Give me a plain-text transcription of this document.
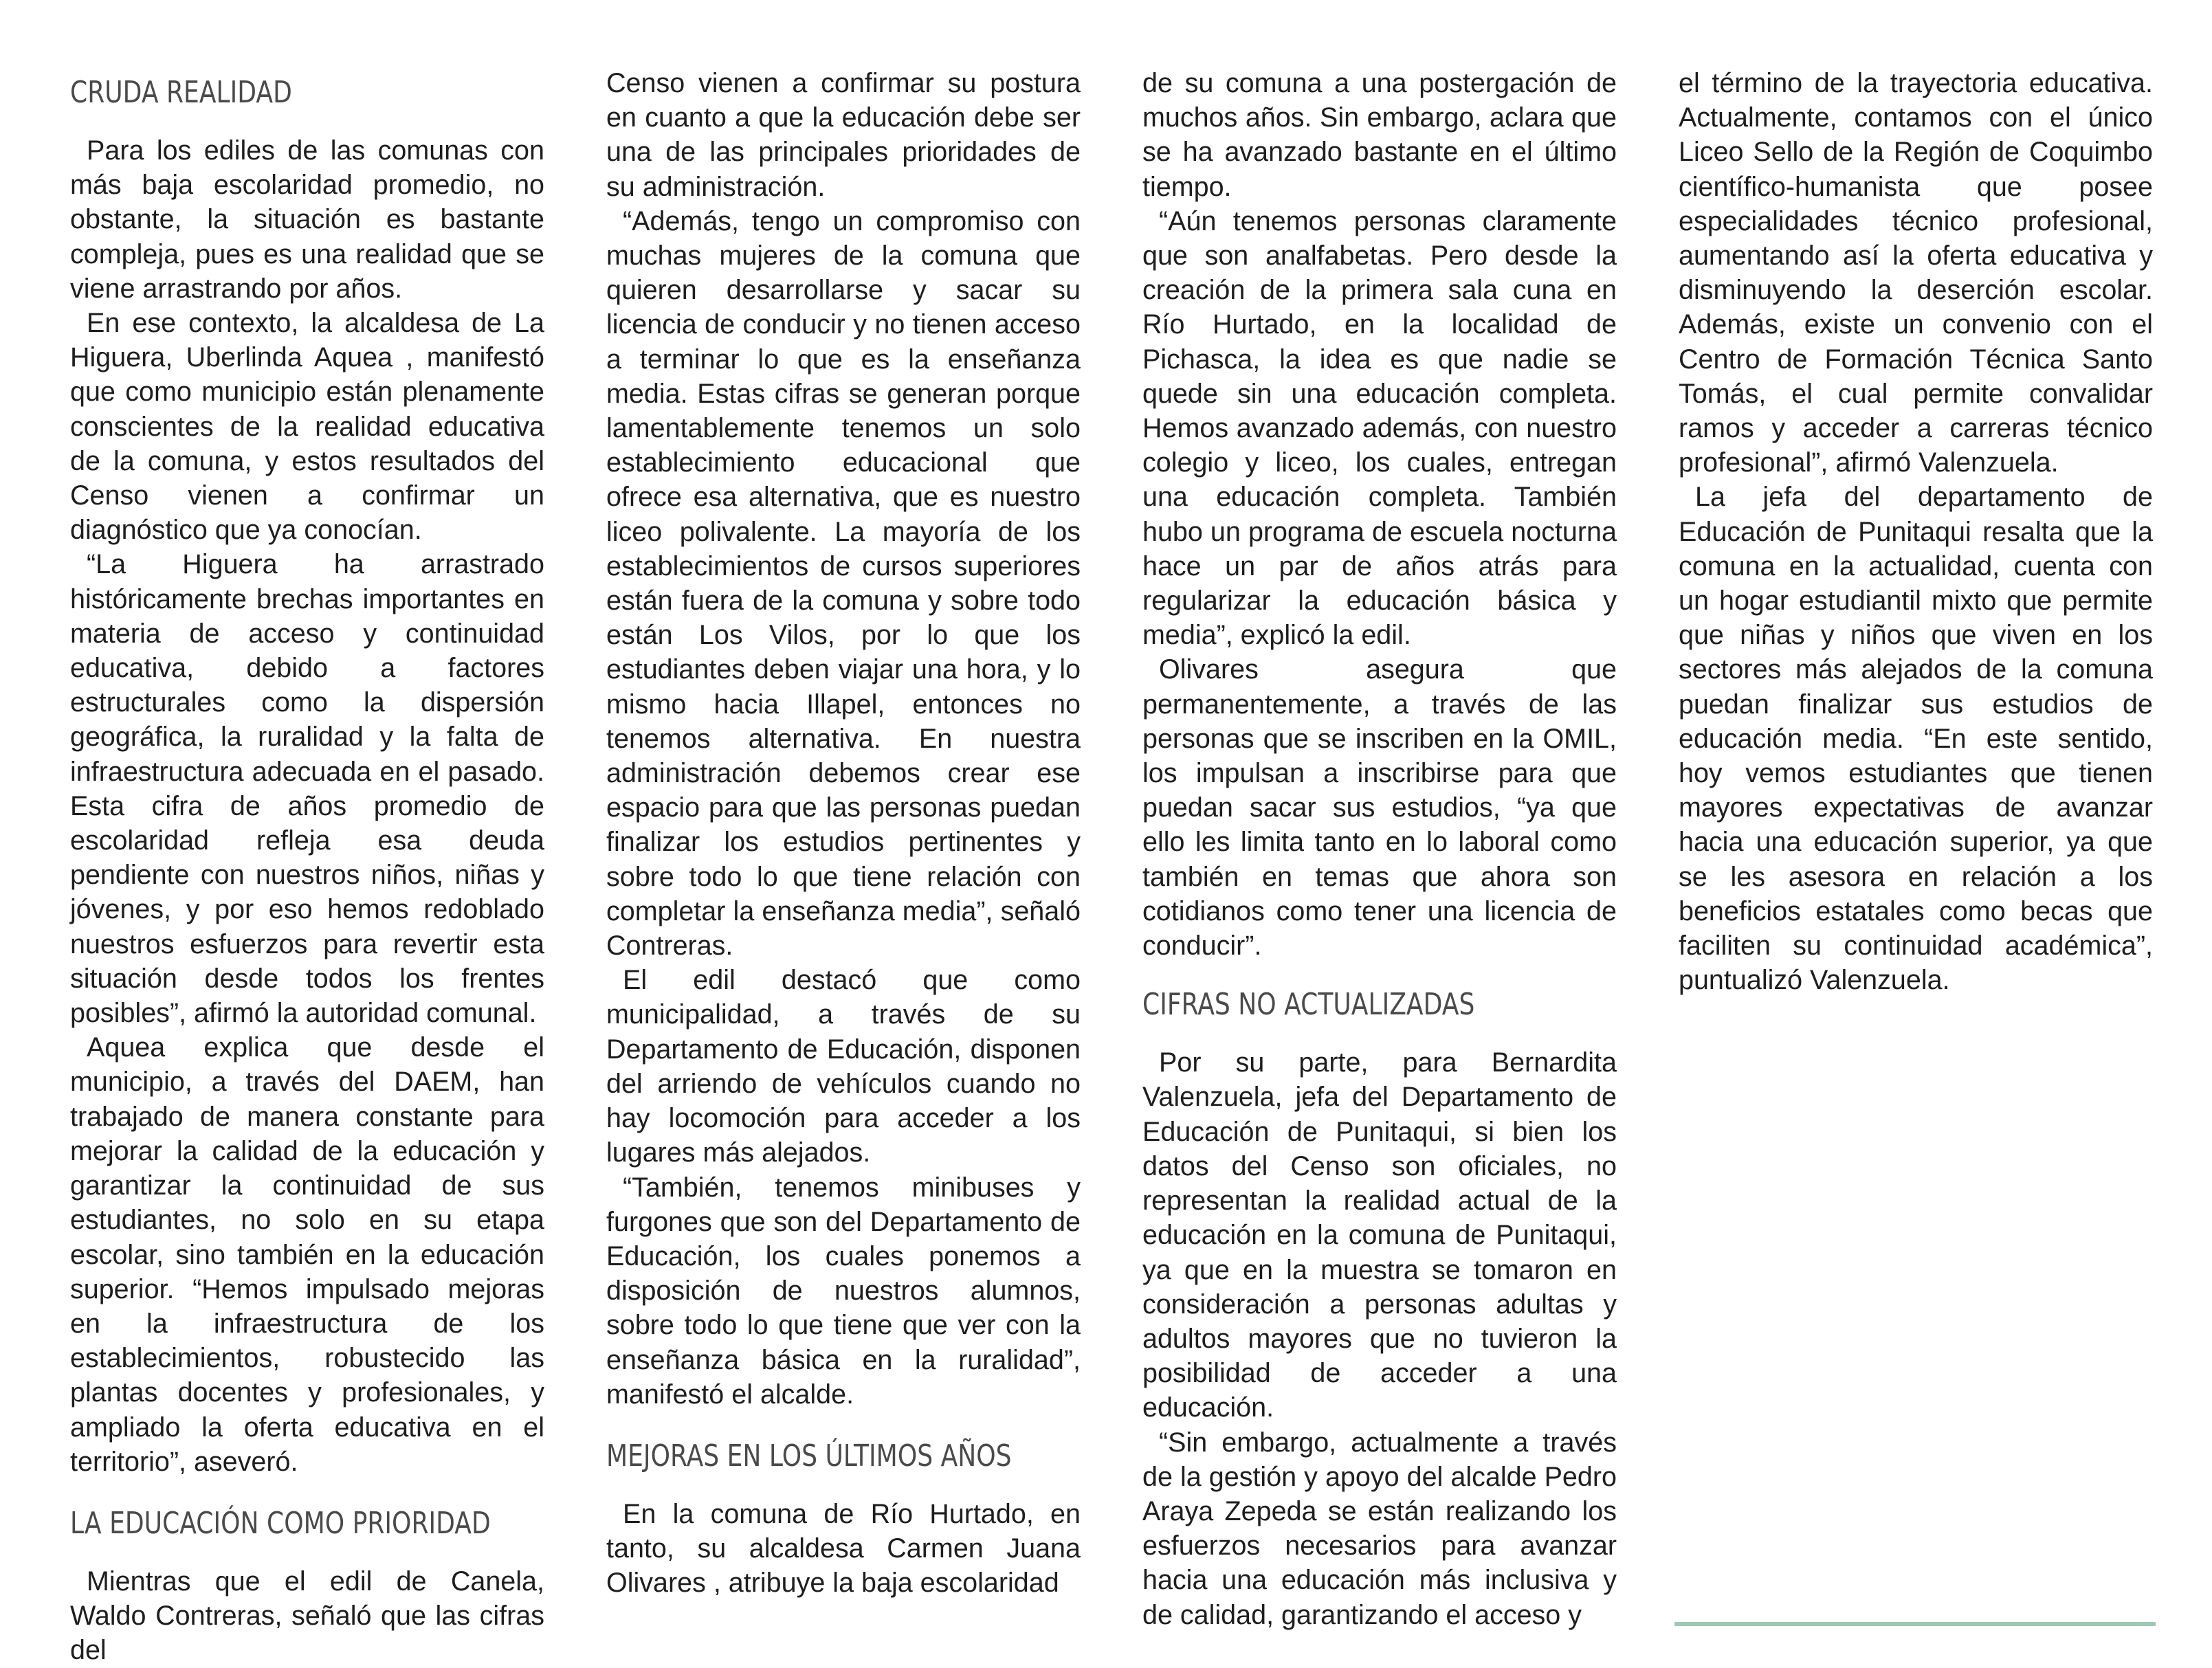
CRUDA REALIDAD

Para los ediles de las comunas con más baja escolaridad promedio, no obstante, la situación es bastante compleja, pues es una realidad que se viene arrastrando por años.

En ese contexto, la alcaldesa de La Higuera, Uberlinda Aquea , manifestó que como municipio están plenamente conscientes de la realidad educativa de la comuna, y estos resultados del Censo vienen a confirmar un diagnóstico que ya conocían.

“La Higuera ha arrastrado históricamente brechas importantes en materia de acceso y continuidad educativa, debido a factores estructurales como la dispersión geográfica, la ruralidad y la falta de infraestructura adecuada en el pasado. Esta cifra de años promedio de escolaridad refleja esa deuda pendiente con nuestros niños, niñas y jóvenes, y por eso hemos redoblado nuestros esfuerzos para revertir esta situación desde todos los frentes posibles”, afirmó la autoridad comunal.

Aquea explica que desde el municipio, a través del DAEM, han trabajado de manera constante para mejorar la calidad de la educación y garantizar la continuidad de sus estudiantes, no solo en su etapa escolar, sino también en la educación superior. “Hemos impulsado mejoras en la infraestructura de los establecimientos, robustecido las plantas docentes y profesionales, y ampliado la oferta educativa en el territorio”, aseveró.

LA EDUCACIÓN COMO PRIORIDAD

Mientras que el edil de Canela, Waldo Contreras, señaló que las cifras del

Censo vienen a confirmar su postura en cuanto a que la educación debe ser una de las principales prioridades de su administración.

“Además, tengo un compromiso con muchas mujeres de la comuna que quieren desarrollarse y sacar su licencia de conducir y no tienen acceso a terminar lo que es la enseñanza media. Estas cifras se generan porque lamentablemente tenemos un solo establecimiento educacional que ofrece esa alternativa, que es nuestro liceo polivalente. La mayoría de los establecimientos de cursos superiores están fuera de la comuna y sobre todo están Los Vilos, por lo que los estudiantes deben viajar una hora, y lo mismo hacia Illapel, entonces no tenemos alternativa. En nuestra administración debemos crear ese espacio para que las personas puedan finalizar los estudios pertinentes y sobre todo lo que tiene relación con completar la enseñanza media”, señaló Contreras.

El edil destacó que como municipalidad, a través de su Departamento de Educación, disponen del arriendo de vehículos cuando no hay locomoción para acceder a los lugares más alejados.

“También, tenemos minibuses y furgones que son del Departamento de Educación, los cuales ponemos a disposición de nuestros alumnos, sobre todo lo que tiene que ver con la enseñanza básica en la ruralidad”, manifestó el alcalde.

MEJORAS EN LOS ÚLTIMOS AÑOS

En la comuna de Río Hurtado, en tanto, su alcaldesa Carmen Juana Olivares , atribuye la baja escolaridad

de su comuna a una postergación de muchos años. Sin embargo, aclara que se ha avanzado bastante en el último tiempo.

“Aún tenemos personas claramente que son analfabetas. Pero desde la creación de la primera sala cuna en Río Hurtado, en la localidad de Pichasca, la idea es que nadie se quede sin una educación completa. Hemos avanzado además, con nuestro colegio y liceo, los cuales, entregan una educación completa. También hubo un programa de escuela nocturna hace un par de años atrás para regularizar la educación básica y media”, explicó la edil.

Olivares asegura que permanentemente, a través de las personas que se inscriben en la OMIL, los impulsan a inscribirse para que puedan sacar sus estudios, “ya que ello les limita tanto en lo laboral como también en temas que ahora son cotidianos como tener una licencia de conducir”.

CIFRAS NO ACTUALIZADAS

Por su parte, para Bernardita Valenzuela, jefa del Departamento de Educación de Punitaqui, si bien los datos del Censo son oficiales, no representan la realidad actual de la educación en la comuna de Punitaqui, ya que en la muestra se tomaron en consideración a personas adultas y adultos mayores que no tuvieron la posibilidad de acceder a una educación.

“Sin embargo, actualmente a través de la gestión y apoyo del alcalde Pedro Araya Zepeda se están realizando los esfuerzos necesarios para avanzar hacia una educación más inclusiva y de calidad, garantizando el acceso y

el término de la trayectoria educativa. Actualmente, contamos con el único Liceo Sello de la Región de Coquimbo científico-humanista que posee especialidades técnico profesional, aumentando así la oferta educativa y disminuyendo la deserción escolar. Además, existe un convenio con el Centro de Formación Técnica Santo Tomás, el cual permite convalidar ramos y acceder a carreras técnico profesional”, afirmó Valenzuela.

La jefa del departamento de Educación de Punitaqui resalta que la comuna en la actualidad, cuenta con un hogar estudiantil mixto que permite que niñas y niños que viven en los sectores más alejados de la comuna puedan finalizar sus estudios de educación media. “En este sentido, hoy vemos estudiantes que tienen mayores expectativas de avanzar hacia una educación superior, ya que se les asesora en relación a los beneficios estatales como becas que faciliten su continuidad académica”, puntualizó Valenzuela.
